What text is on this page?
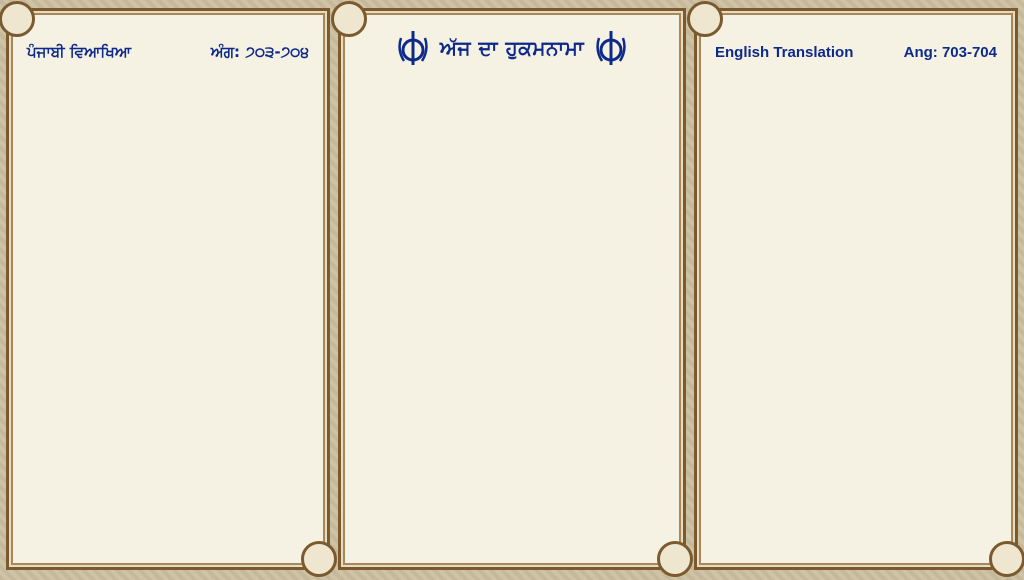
ਪੰਜਾਬੀ ਵਿਆਖਿਆ	ਅੰਗ: ੭੦੩-੭੦੪	ਅੱਜ ਦਾ ਹੁਕਮਨਾਮਾ	English Translation	Ang: 703-704
